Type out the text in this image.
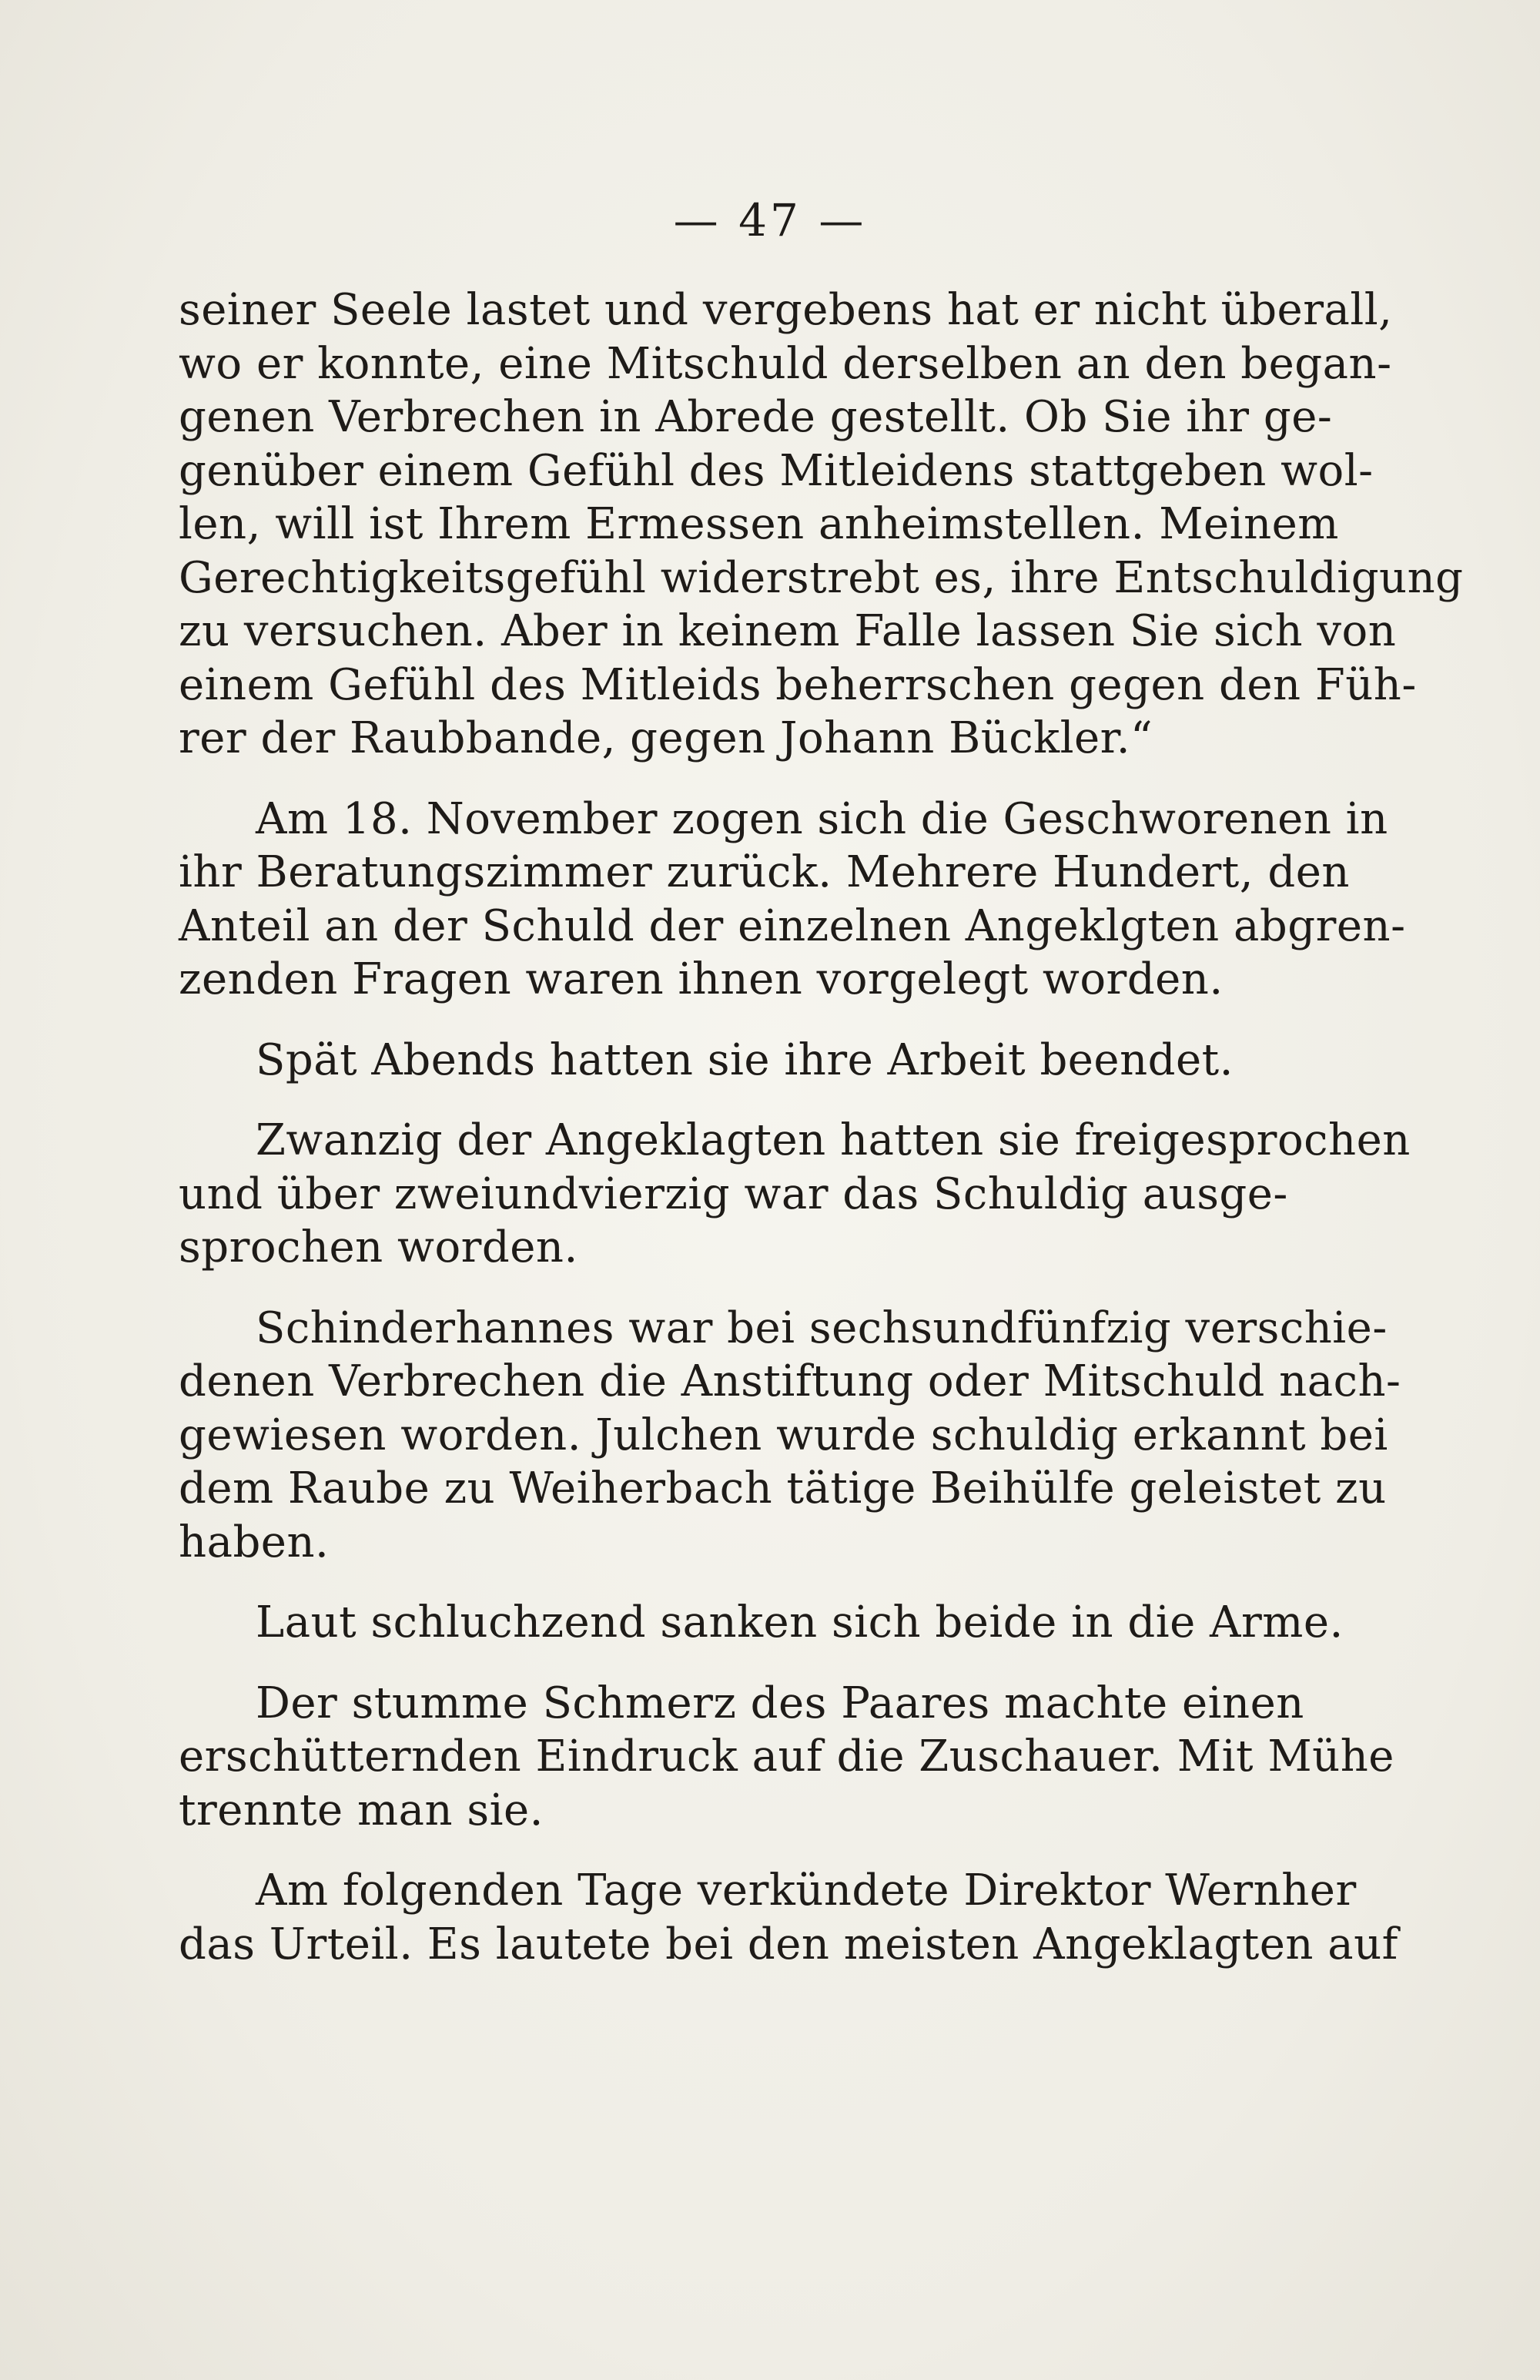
— 47 —
seiner Seele lastet und vergebens hat er nicht überall,
wo er konnte, eine Mitschuld derselben an den began-
genen Verbrechen in Abrede gestellt. Ob Sie ihr ge-
genüber einem Gefühl des Mitleidens stattgeben wol-
len, will ist Ihrem Ermessen anheimstellen. Meinem
Gerechtigkeitsgefühl widerstrebt es, ihre Entschuldigung
zu versuchen. Aber in keinem Falle lassen Sie sich von
einem Gefühl des Mitleids beherrschen gegen den Füh-
rer der Raubbande, gegen Johann Bückler.“
Am 18. November zogen sich die Geschworenen in
ihr Beratungszimmer zurück. Mehrere Hundert, den
Anteil an der Schuld der einzelnen Angeklgten abgren-
zenden Fragen waren ihnen vorgelegt worden.
Spät Abends hatten sie ihre Arbeit beendet.
Zwanzig der Angeklagten hatten sie freigesprochen
und über zweiundvierzig war das Schuldig ausge-
sprochen worden.
Schinderhannes war bei sechsundfünfzig verschie-
denen Verbrechen die Anstiftung oder Mitschuld nach-
gewiesen worden. Julchen wurde schuldig erkannt bei
dem Raube zu Weiherbach tätige Beihülfe geleistet zu
haben.
Laut schluchzend sanken sich beide in die Arme.
Der stumme Schmerz des Paares machte einen
erschütternden Eindruck auf die Zuschauer. Mit Mühe
trennte man sie.
Am folgenden Tage verkündete Direktor Wernher
das Urteil. Es lautete bei den meisten Angeklagten auf
